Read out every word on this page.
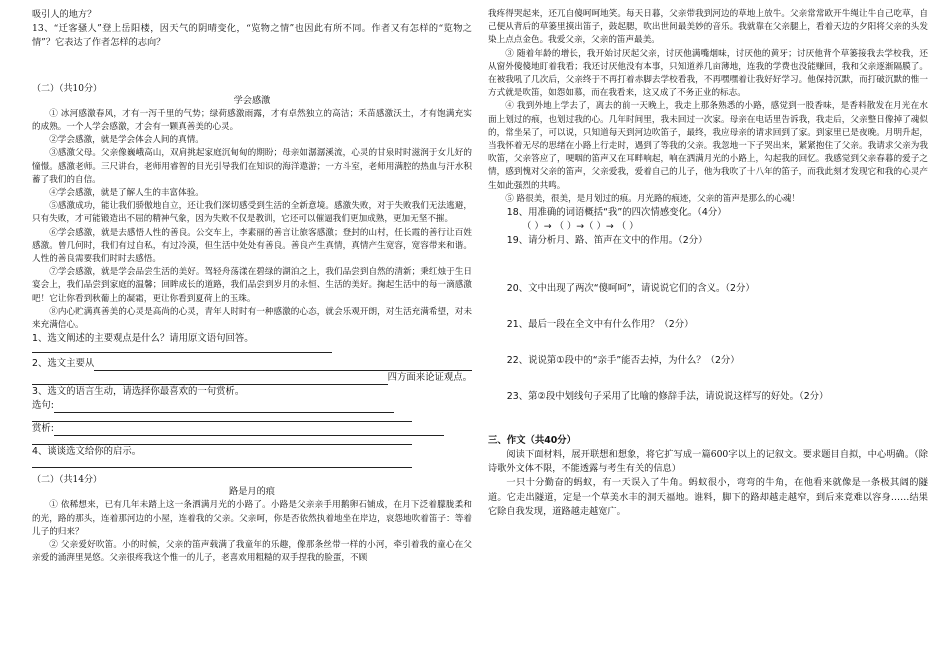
吸引人的地方？

13、“迁客骚人”登上岳阳楼，因天气的阴晴变化，“览物之情”也因此有所不同。作者又有怎样的“览物之情”？它表达了作者怎样的志向？

（二）（共10分）

学会感激

① 冰河感激春风，才有一泻千里的气势；绿荷感激雨露，才有卓然独立的高洁；禾苗感激沃土，才有饱满充实的成熟。一个人学会感激，才会有一颗真善美的心灵。

②学会感激，就是学会体会人间的真情。

③感激父母。父亲像巍峨高山，双肩挑起家庭沉甸甸的期盼；母亲如潺潺溪流，心灵的甘泉时时滋润于女儿好的憧憬。感激老师。三尺讲台，老师用睿智的目光引导我们在知识的海洋遨游；一方斗室，老师用满腔的热血与汗水积蓄了我们的自信。

④学会感激，就是了解人生的丰富体验。

⑤感激成功，能让我们骄傲地自立，还让我们深切感受到生活的全新意境。感激失败，对于失败我们无法逃避，只有失败，才可能锻造出不屈的精神气象，因为失败不仅是教训，它还可以催逼我们更加成熟，更加无坚不摧。

⑥学会感激，就是去感悟人性的善良。公交车上，李素丽的善言让旅客感激；登封的山村，任长霞的善行让百姓感激。曾几何时，我们有过自私，有过冷漠，但生活中处处有善良。善良产生真情，真情产生宽容，宽容带来和谐。人性的善良需要我们时时去感悟。

⑦学会感激，就是学会品尝生活的美好。驾轻舟荡漾在碧绿的湖泊之上，我们品尝到自然的清新；秉红烛于生日宴会上，我们品尝到家庭的温馨；回眸成长的道路，我们品尝到岁月的永恒、生活的美好。掬起生活中的每一滴感激吧！它让你看到秋葡上的凝霜，更让你看到夏荷上的玉珠。

⑧内心贮满真善美的心灵是高尚的心灵，青年人时时有一种感激的心态，就会乐观开朗，对生活充满希望，对未来充满信心。

1、选文阐述的主要观点是什么？请用原文语句回答。

2、选文主要从
四方面来论证观点。

3、选文的语言生动，请选择你最喜欢的一句赏析。

选句:
赏析:

4、谈谈选文给你的启示。

（二）（共14分）

路是月的痕

① 依稀想来，已有几年未踏上这一条洒满月光的小路了。小路是父亲亲手用鹅卵石铺成，在月下泛着朦胧柔和的光，路的那头，连着那河边的小屋，连着我的父亲。父亲呵，你是否依然执着地坐在岸边，哀怨地吹着笛子：等着儿子的归来？

② 父亲爱好吹笛。小的时候，父亲的笛声载满了我童年的乐趣，像那条丝带一样的小河，牵引着我的童心在父亲爱的涌湃里晃悠。父亲很疼我这个惟一的儿子，老喜欢用粗糙的双手捏我的脸蛋，不顾

我疼得哭起来，还兀自傻呵呵地笑。每天日暮，父亲带我到河边的草地上放牛。父亲常常欧开牛绳让牛自己吃草，自己便从背后的草篓里摸出笛子，鼓起腮，吹出世间最美妙的音乐。我就靠在父亲腿上，看着天边的夕阳将父亲的头发染上点点金色。我爱父亲，父亲的笛声最美。

③ 随着年龄的增长，我开始讨厌起父亲，讨厌他满嘴烟味，讨厌他的黄牙；讨厌他背个草篓接我去学校我，还从窗外傻傻地盯着我看；我还讨厌他没有本事，只知道养几亩薄地，连我的学费也没能赚回，我和父亲逐渐隔膜了。在被我吼了几次后，父亲终于不再打着赤脚去学校看我，不再嘿嘿着让我好好学习。他保持沉默，而打破沉默的惟一方式就是吹笛，如怨如慕，而在我看来，这又成了不务正业的标志。

④ 我到外地上学去了，离去的前一天晚上，我走上那条熟悉的小路，感觉到一股香味，是香料散发在月光在水面上划过的痕，也划过我的心。几年时间里，我未回过一次家。母亲在电话里告诉我，我走后，父亲整日像掉了魂似的，常坐呆了，可以说，只知道每天到河边吹笛子，最终，我应母亲的请求回到了家。到家里已是夜晚。月明升起，当我怀着无尽的思绪在小路上行走时，遇到了等我的父亲。我忽地一下子哭出来，紧紧抱住了父亲。我请求父亲为我吹笛，父亲答应了，哽咽的笛声又在耳畔响起，响在洒满月光的小路上，勾起我的回忆。我感觉到父亲春暮的爱子之情，感到愧对父亲的笛声，父亲爱我，爱着自己的儿子，他为我吹了十八年的笛子，而我此刻才发现它和我的心灵产生如此强烈的共鸣。

⑤ 路很美，很美，是月划过的痕。月光路的痕迹，父亲的笛声是那么的心魂！

18、用准确的词语概括“我”的四次情感变化。（4分）

（ ）→ （ ）→（ ）→ （ ）

19、请分析月、路、笛声在文中的作用。（2分）

20、文中出现了两次“傻呵呵”，请说说它们的含义。（2分）

21、最后一段在全文中有什么作用？（2分）

22、说说第①段中的“亲手”能否去掉，为什么？（2分）

23、第②段中划线句子采用了比喻的修辞手法，请说说这样写的好处。（2分）

三、作文（共40分）

阅读下面材料，展开联想和想象，将它扩写成一篇600字以上的记叙文。要求题目自拟，中心明确。（除诗歌外文体不限，不能透露与考生有关的信息）

一只十分勤奋的蚂蚁，有一天误入了牛角。蚂蚁很小，弯弯的牛角，在他看来就像是一条极其阔的隧道。它走出隧道，定是一个草美水丰的洞天福地。谁料，脚下的路却越走越窄，到后来竟难以容身……结果它除自我发现，道路越走越宽广。
